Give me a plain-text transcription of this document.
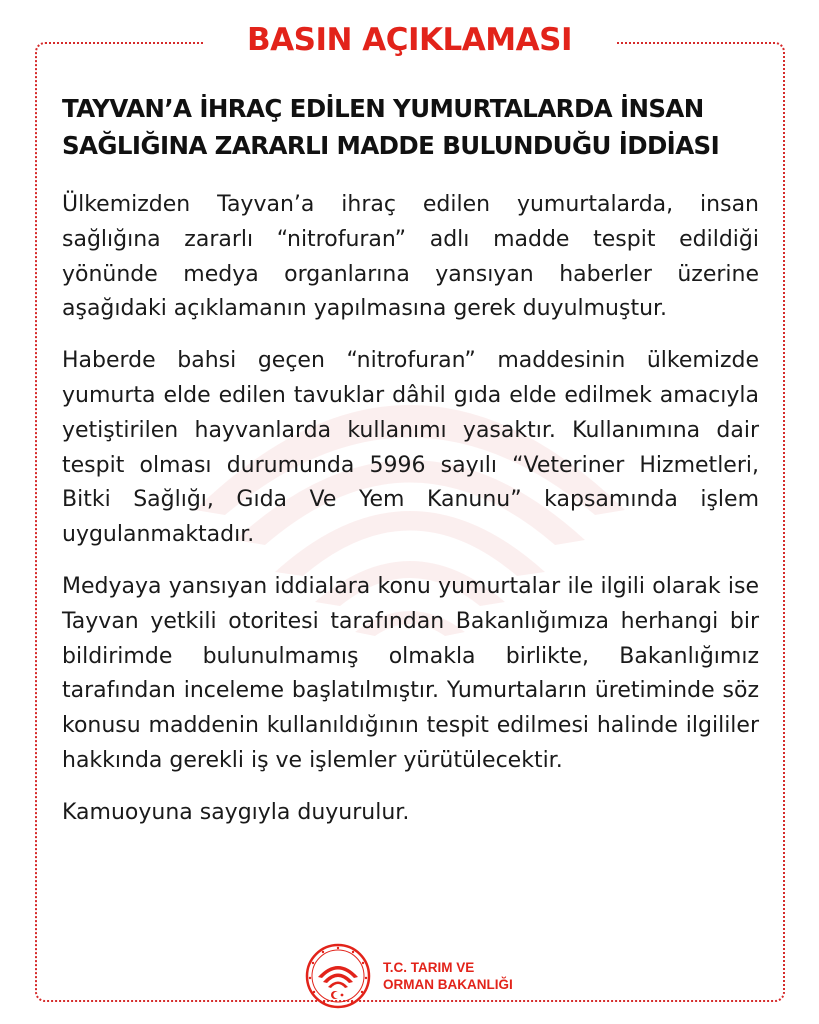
BASIN AÇIKLAMASI
TAYVAN’A İHRAÇ EDİLEN YUMURTALARDA İNSAN
SAĞLIĞINA ZARARLI MADDE BULUNDUĞU İDDİASI

Ülkemizden Tayvan’a ihraç edilen yumurtalarda, insan sağlığına zararlı “nitrofuran” adlı madde tespit edildiği yönünde medya organlarına yansıyan haberler üzerine aşağıdaki açıklamanın yapılmasına gerek duyulmuştur.

Haberde bahsi geçen “nitrofuran” maddesinin ülkemizde yumurta elde edilen tavuklar dâhil gıda elde edilmek amacıyla yetiştirilen hayvanlarda kullanımı yasaktır. Kullanımına dair tespit olması durumunda 5996 sayılı “Veteriner Hizmetleri, Bitki Sağlığı, Gıda Ve Yem Kanunu” kapsamında işlem uygulanmaktadır.

Medyaya yansıyan iddialara konu yumurtalar ile ilgili olarak ise Tayvan yetkili otoritesi tarafından Bakanlığımıza herhangi bir bildirimde bulunulmamış olmakla birlikte, Bakanlığımız tarafından inceleme başlatılmıştır. Yumurtaların üretiminde söz konusu maddenin kullanıldığının tespit edilmesi halinde ilgililer hakkında gerekli iş ve işlemler yürütülecektir.

Kamuoyuna saygıyla duyurulur.

T.C. TARIM VE
ORMAN BAKANLIĞI
